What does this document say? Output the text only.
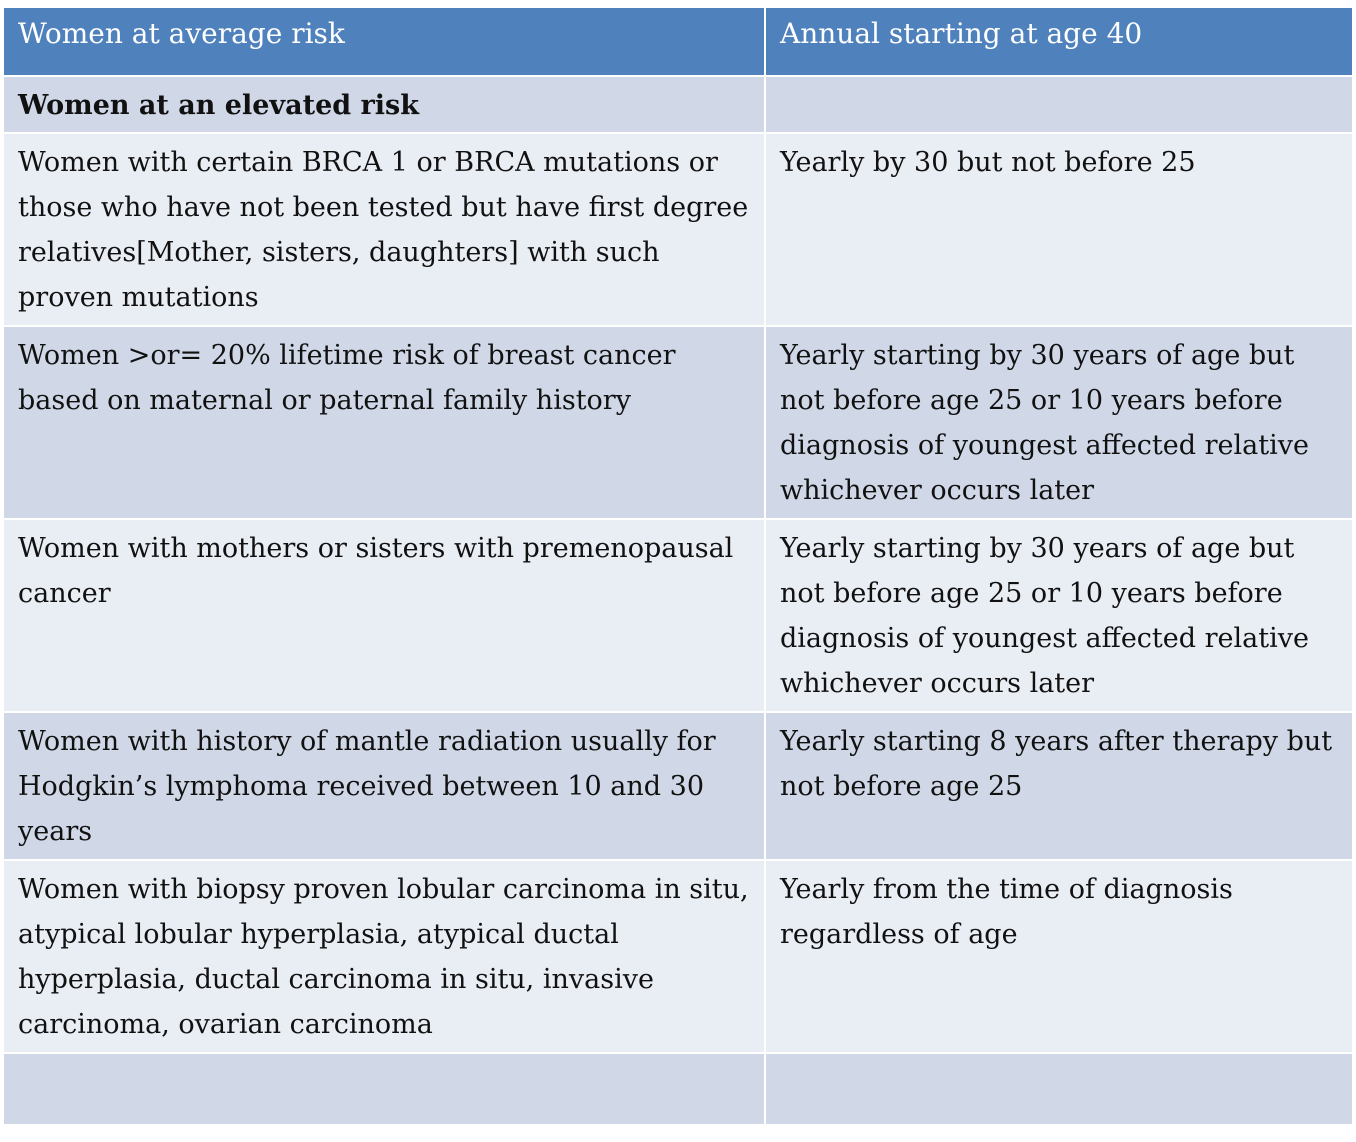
Women at average risk	Annual starting at age 40
Women at an elevated risk	
Women with certain BRCA 1 or BRCA mutations or those who have not been tested but have first degree relatives[Mother, sisters, daughters] with such proven mutations	Yearly by 30 but not before 25
Women >or= 20% lifetime risk of breast cancer based on maternal or paternal family history	Yearly starting by 30 years of age but not before age 25 or 10 years before diagnosis of youngest affected relative whichever occurs later
Women with mothers or sisters with premenopausal cancer	Yearly starting by 30 years of age but not before age 25 or 10 years before diagnosis of youngest affected relative whichever occurs later
Women with history of mantle radiation usually for Hodgkin’s lymphoma received between 10 and 30 years	Yearly starting 8 years after therapy but not before age 25
Women with biopsy proven lobular carcinoma in situ, atypical lobular hyperplasia, atypical ductal hyperplasia, ductal carcinoma in situ, invasive carcinoma, ovarian carcinoma	Yearly from the time of diagnosis regardless of age
